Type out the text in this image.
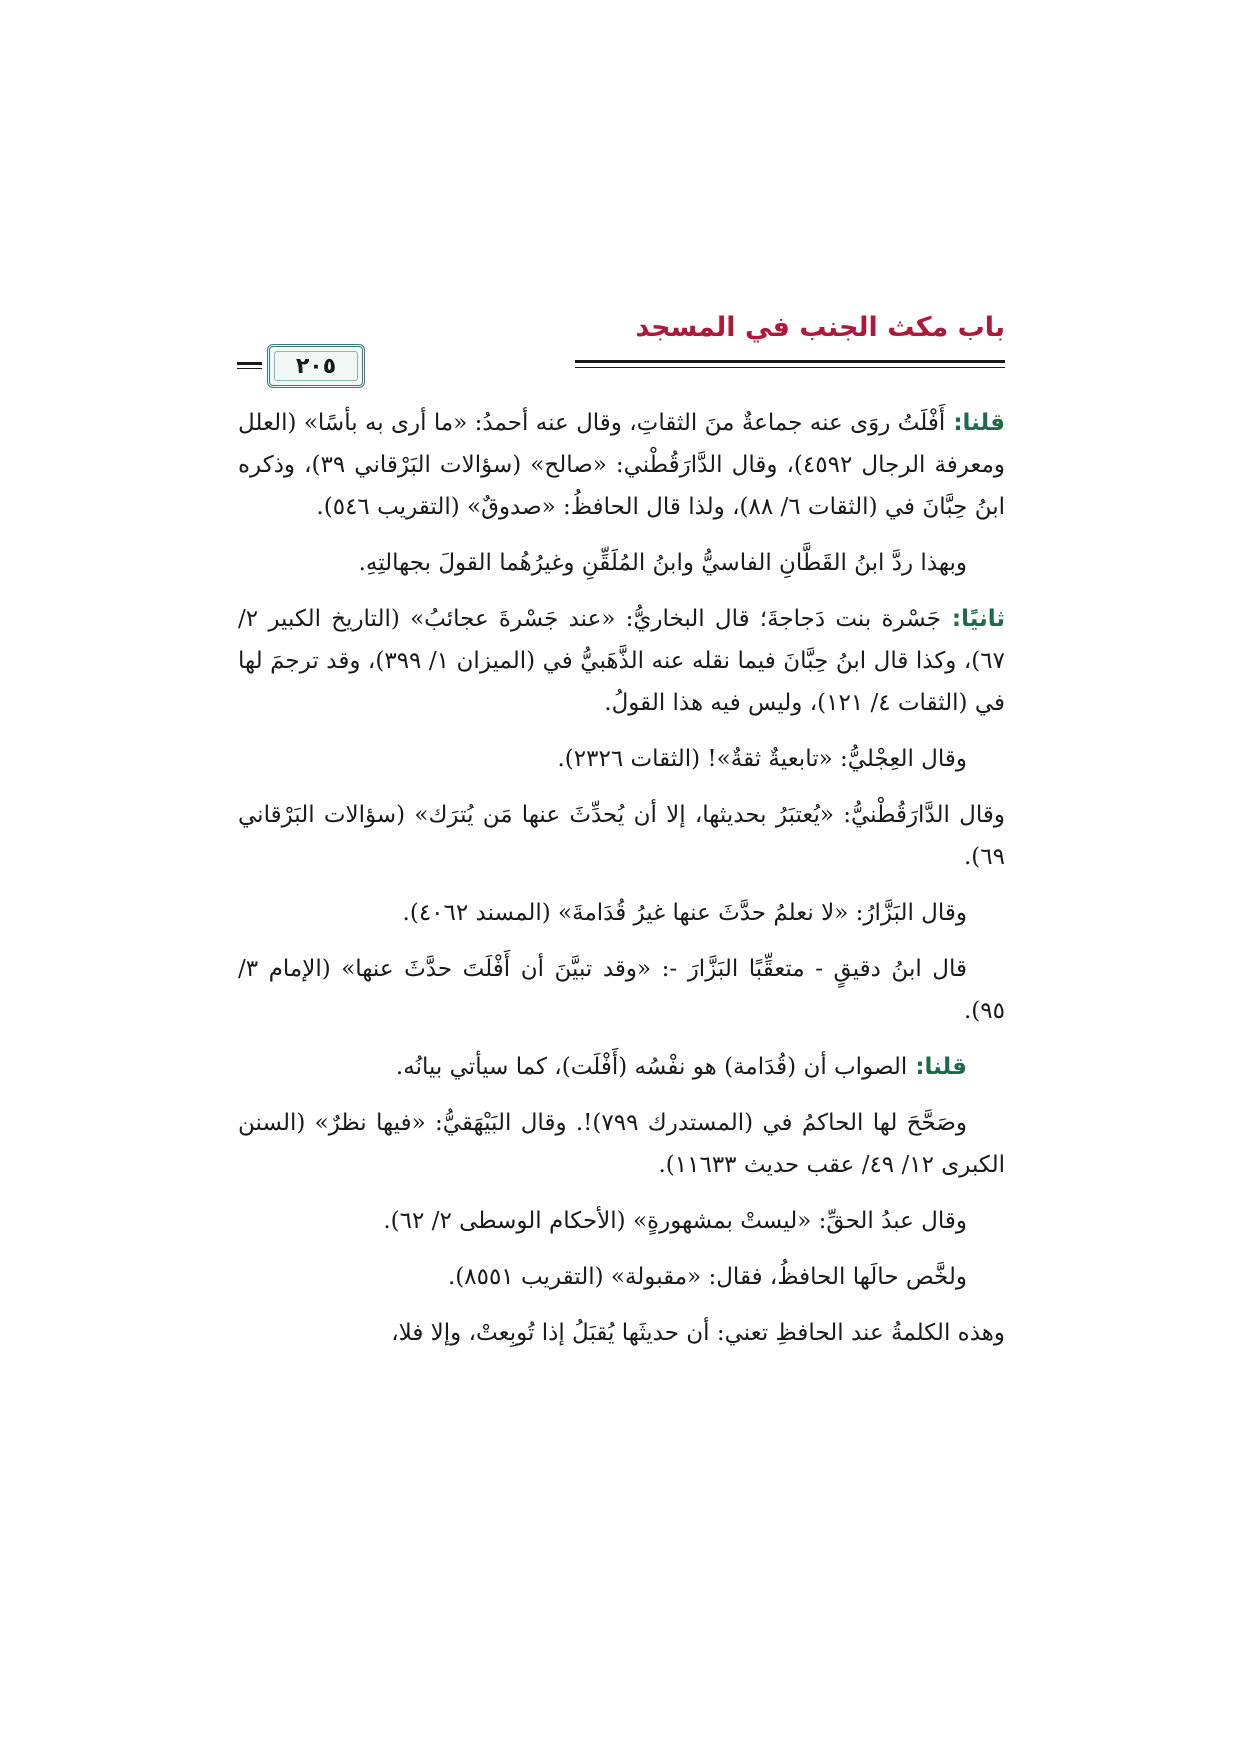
باب مكث الجنب في المسجد
٢٠٥

قلنا: أَفْلَتُ روَى عنه جماعةٌ منَ الثقاتِ، وقال عنه أحمدُ: «ما أرى به بأسًا» (العلل ومعرفة الرجال ٤٥٩٢)، وقال الدَّارَقُطْني: «صالح» (سؤالات البَرْقاني ٣٩)، وذكره ابنُ حِبَّانَ في (الثقات ٦/ ٨٨)، ولذا قال الحافظُ: «صدوقٌ» (التقريب ٥٤٦).

وبهذا ردَّ ابنُ القَطَّانِ الفاسيُّ وابنُ المُلَقِّنِ وغيرُهُما القولَ بجهالتِهِ.

ثانيًا: جَسْرة بنت دَجاجةَ؛ قال البخاريُّ: «عند جَسْرةَ عجائبُ» (التاريخ الكبير ٢/ ٦٧)، وكذا قال ابنُ حِبَّانَ فيما نقله عنه الذَّهَبيُّ في (الميزان ١/ ٣٩٩)، وقد ترجمَ لها في (الثقات ٤/ ١٢١)، وليس فيه هذا القولُ.

وقال العِجْليُّ: «تابعيةٌ ثقةٌ»! (الثقات ٢٣٢٦).

وقال الدَّارَقُطْنيُّ: «يُعتبَرُ بحديثها، إلا أن يُحدِّثَ عنها مَن يُترَك» (سؤالات البَرْقاني ٦٩).

وقال البَزَّارُ: «لا نعلمُ حدَّثَ عنها غيرُ قُدَامةَ» (المسند ٤٠٦٢).

قال ابنُ دقيقٍ - متعقِّبًا البَزَّارَ -: «وقد تبيَّنَ أن أَفْلَتَ حدَّثَ عنها» (الإمام ٣/ ٩٥).

قلنا: الصواب أن (قُدَامة) هو نفْسُه (أَفْلَت)، كما سيأتي بيانُه.

وصَحَّحَ لها الحاكمُ في (المستدرك ٧٩٩)!. وقال البَيْهَقيُّ: «فيها نظرٌ» (السنن الكبرى ١٢/ ٤٩/ عقب حديث ١١٦٣٣).

وقال عبدُ الحقِّ: «ليستْ بمشهورةٍ» (الأحكام الوسطى ٢/ ٦٢).

ولخَّص حالَها الحافظُ، فقال: «مقبولة» (التقريب ٨٥٥١).

وهذه الكلمةُ عند الحافظِ تعني: أن حديثَها يُقبَلُ إذا تُوبِعتْ، وإلا فلا،
